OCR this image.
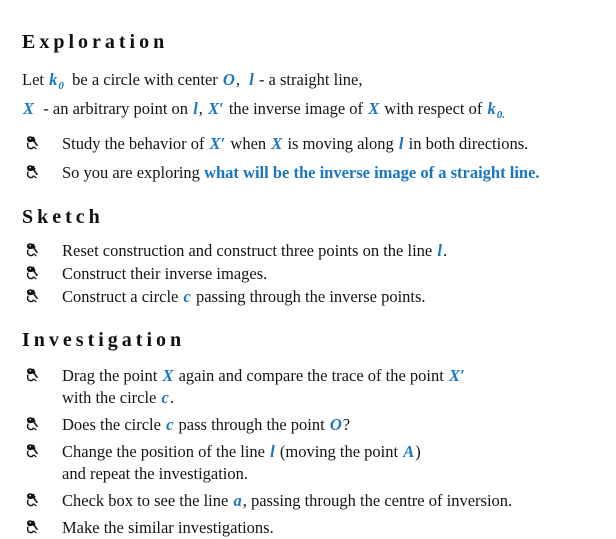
Exploration

Let $k_0$  be a circle with center O,  l - a straight line,

X  - an arbitrary point on l, X′ the inverse image of X with respect of $k_{0.}$

Study the behavior of X′ when X is moving along l in both directions.
So you are exploring what will be the inverse image of a straight line.
Sketch
Reset construction and construct three points on the line l.
Construct their inverse images.
Construct a circle c passing through the inverse points.
Investigation
Drag the point X again and compare the trace of the point X′
with the circle c.
Does the circle c pass through the point O?
Change the position of the line l (moving the point A)
and repeat the investigation.
Check box to see the line a, passing through the centre of inversion.
Make the similar investigations.
